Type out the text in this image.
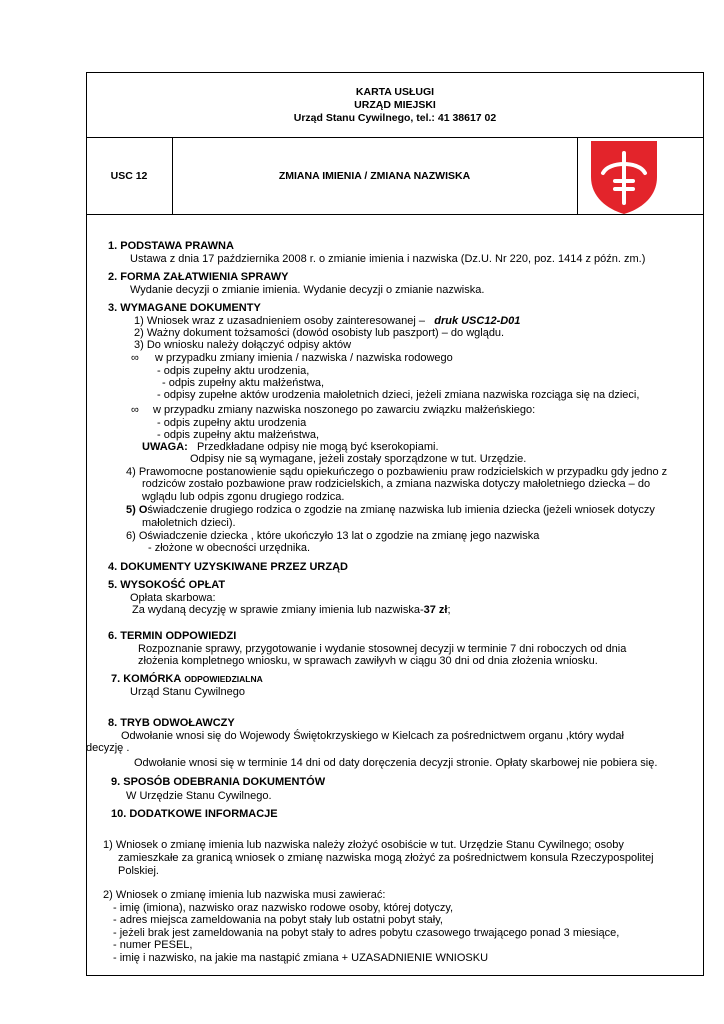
KARTA USŁUGI
URZĄD MIEJSKI
Urząd Stanu Cywilnego, tel.: 41 38617 02
USC 12	ZMIANA IMIENIA / ZMIANA NAZWISKA
1. PODSTAWA PRAWNA
Ustawa z dnia 17 października 2008 r. o zmianie imienia i nazwiska (Dz.U. Nr 220, poz. 1414 z późn. zm.)
2. FORMA ZAŁATWIENIA SPRAWY
Wydanie decyzji o zmianie imienia. Wydanie decyzji o zmianie nazwiska.
3. WYMAGANE DOKUMENTY
1) Wniosek wraz z uzasadnieniem osoby zainteresowanej – druk USC12-D01
2) Ważny dokument tożsamości (dowód osobisty lub paszport) – do wglądu.
3) Do wniosku należy dołączyć odpisy aktów
∞ w przypadku zmiany imienia / nazwiska / nazwiska rodowego
- odpis zupełny aktu urodzenia,
- odpis zupełny aktu małżeństwa,
- odpisy zupełne aktów urodzenia małoletnich dzieci, jeżeli zmiana nazwiska rozciąga się na dzieci,
∞ w przypadku zmiany nazwiska noszonego po zawarciu związku małżeńskiego:
- odpis zupełny aktu urodzenia
- odpis zupełny aktu małżeństwa,
UWAGA: Przedkładane odpisy nie mogą być kserokopiami.
Odpisy nie są wymagane, jeżeli zostały sporządzone w tut. Urzędzie.
4) Prawomocne postanowienie sądu opiekuńczego o pozbawieniu praw rodzicielskich w przypadku gdy jedno z
rodziców zostało pozbawione praw rodzicielskich, a zmiana nazwiska dotyczy małoletniego dziecka – do
wglądu lub odpis zgonu drugiego rodzica.
5) Oświadczenie drugiego rodzica o zgodzie na zmianę nazwiska lub imienia dziecka (jeżeli wniosek dotyczy
małoletnich dzieci).
6) Oświadczenie dziecka , które ukończyło 13 lat o zgodzie na zmianę jego nazwiska
- złożone w obecności urzędnika.
4. DOKUMENTY UZYSKIWANE PRZEZ URZĄD
5. WYSOKOŚĆ OPŁAT
Opłata skarbowa:
Za wydaną decyzję w sprawie zmiany imienia lub nazwiska-37 zł;
6. TERMIN ODPOWIEDZI
Rozpoznanie sprawy, przygotowanie i wydanie stosownej decyzji w terminie 7 dni roboczych od dnia
złożenia kompletnego wniosku, w sprawach zawiłyvh w ciągu 30 dni od dnia złożenia wniosku.
7. KOMÓRKA ODPOWIEDZIALNA
Urząd Stanu Cywilnego
8. TRYB ODWOŁAWCZY
Odwołanie wnosi się do Wojewody Świętokrzyskiego w Kielcach za pośrednictwem organu ,który wydał
decyzję .
Odwołanie wnosi się w terminie 14 dni od daty doręczenia decyzji stronie. Opłaty skarbowej nie pobiera się.
9. SPOSÓB ODEBRANIA DOKUMENTÓW
W Urzędzie Stanu Cywilnego.
10. DODATKOWE INFORMACJE
1) Wniosek o zmianę imienia lub nazwiska należy złożyć osobiście w tut. Urzędzie Stanu Cywilnego; osoby
zamieszkałe za granicą wniosek o zmianę nazwiska mogą złożyć za pośrednictwem konsula Rzeczypospolitej
Polskiej.
2) Wniosek o zmianę imienia lub nazwiska musi zawierać:
- imię (imiona), nazwisko oraz nazwisko rodowe osoby, której dotyczy,
- adres miejsca zameldowania na pobyt stały lub ostatni pobyt stały,
- jeżeli brak jest zameldowania na pobyt stały to adres pobytu czasowego trwającego ponad 3 miesiące,
- numer PESEL,
- imię i nazwisko, na jakie ma nastąpić zmiana + UZASADNIENIE WNIOSKU
